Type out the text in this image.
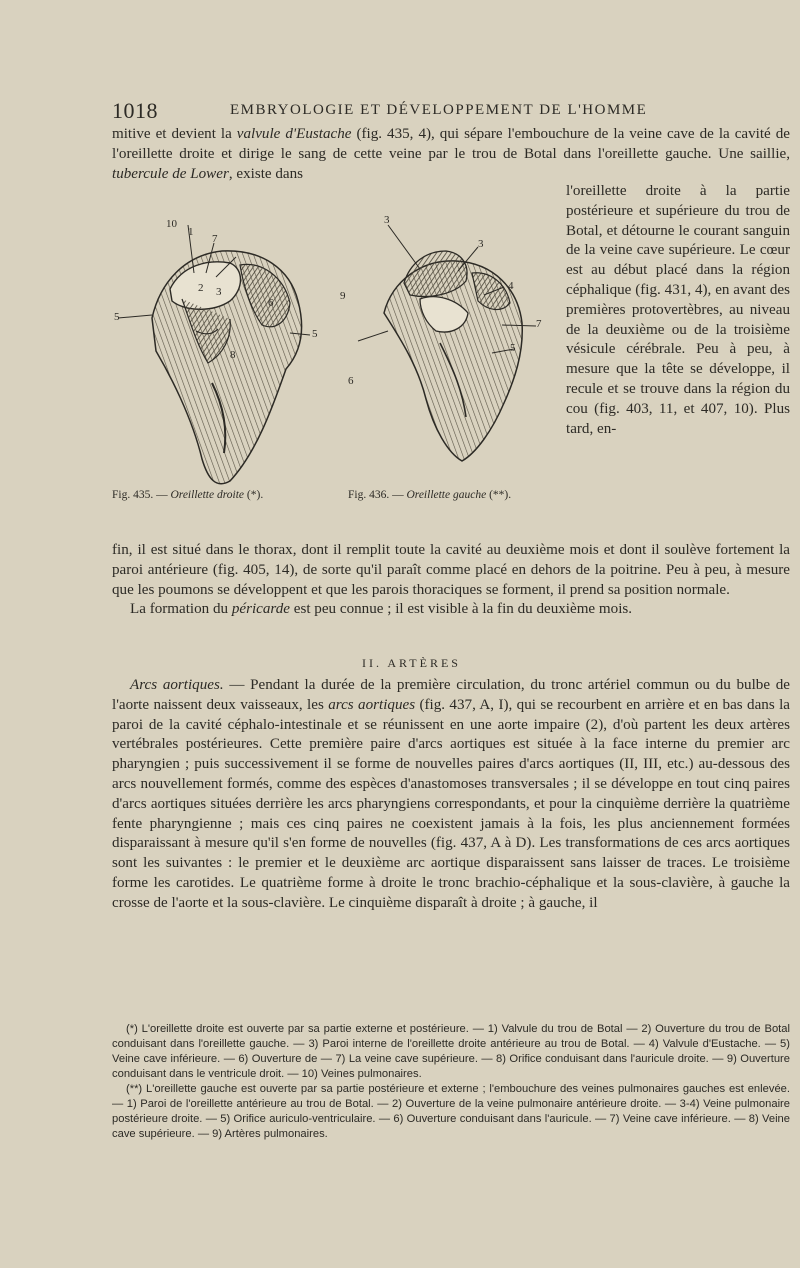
1018	EMBRYOLOGIE ET DÉVELOPPEMENT DE L'HOMME
mitive et devient la valvule d'Eustache (fig. 435, 4), qui sépare l'embouchure de la veine cave de la cavité de l'oreillette droite et dirige le sang de cette veine par le trou de Botal dans l'oreillette gauche. Une saillie, tubercule de Lower, existe dans
l'oreillette droite à la partie postérieure et supérieure du trou de Botal, et détourne le courant sanguin de la veine cave supérieure. Le cœur est au début placé dans la région céphalique (fig. 431, 4), en avant des premières protovertèbres, au niveau de la deuxième ou de la troisième vésicule cérébrale. Peu à peu, à mesure que la tête se développe, il recule et se trouve dans la région du cou (fig. 403, 11, et 407, 10). Plus tard, en-
10
1
7
2 3
5
6
5
8
3
3
4
9
7
5
6
Fig. 435. — Oreillette droite (*).	Fig. 436. — Oreillette gauche (**).
fin, il est situé dans le thorax, dont il remplit toute la cavité au deuxième mois et dont il soulève fortement la paroi antérieure (fig. 405, 14), de sorte qu'il paraît comme placé en dehors de la poitrine. Peu à peu, à mesure que les poumons se développent et que les parois thoraciques se forment, il prend sa position normale.
La formation du péricarde est peu connue ; il est visible à la fin du deuxième mois.
II. ARTÈRES
Arcs aortiques. — Pendant la durée de la première circulation, du tronc artériel commun ou du bulbe de l'aorte naissent deux vaisseaux, les arcs aortiques (fig. 437, A, I), qui se recourbent en arrière et en bas dans la paroi de la cavité céphalo-intestinale et se réunissent en une aorte impaire (2), d'où partent les deux artères vertébrales postérieures. Cette première paire d'arcs aortiques est située à la face interne du premier arc pharyngien ; puis successivement il se forme de nouvelles paires d'arcs aortiques (II, III, etc.) au-dessous des arcs nouvellement formés, comme des espèces d'anastomoses transversales ; il se développe en tout cinq paires d'arcs aortiques situées derrière les arcs pharyngiens correspondants, et pour la cinquième derrière la quatrième fente pharyngienne ; mais ces cinq paires ne coexistent jamais à la fois, les plus anciennement formées disparaissant à mesure qu'il s'en forme de nouvelles (fig. 437, A à D). Les transformations de ces arcs aortiques sont les suivantes : le premier et le deuxième arc aortique disparaissent sans laisser de traces. Le troisième forme les carotides. Le quatrième forme à droite le tronc brachio-céphalique et la sous-clavière, à gauche la crosse de l'aorte et la sous-clavière. Le cinquième disparaît à droite ; à gauche, il
(*) L'oreillette droite est ouverte par sa partie externe et postérieure. — 1) Valvule du trou de Botal — 2) Ouverture du trou de Botal conduisant dans l'oreillette gauche. — 3) Paroi interne de l'oreillette droite antérieure au trou de Botal. — 4) Valvule d'Eustache. — 5) Veine cave inférieure. — 6) Ouverture de — 7) La veine cave supérieure. — 8) Orifice conduisant dans l'auricule droite. — 9) Ouverture conduisant dans le ventricule droit. — 10) Veines pulmonaires.
(**) L'oreillette gauche est ouverte par sa partie postérieure et externe ; l'embouchure des veines pulmonaires gauches est enlevée. — 1) Paroi de l'oreillette antérieure au trou de Botal. — 2) Ouverture de la veine pulmonaire antérieure droite. — 3-4) Veine pulmonaire postérieure droite. — 5) Orifice auriculo-ventriculaire. — 6) Ouverture conduisant dans l'auricule. — 7) Veine cave inférieure. — 8) Veine cave supérieure. — 9) Artères pulmonaires.
